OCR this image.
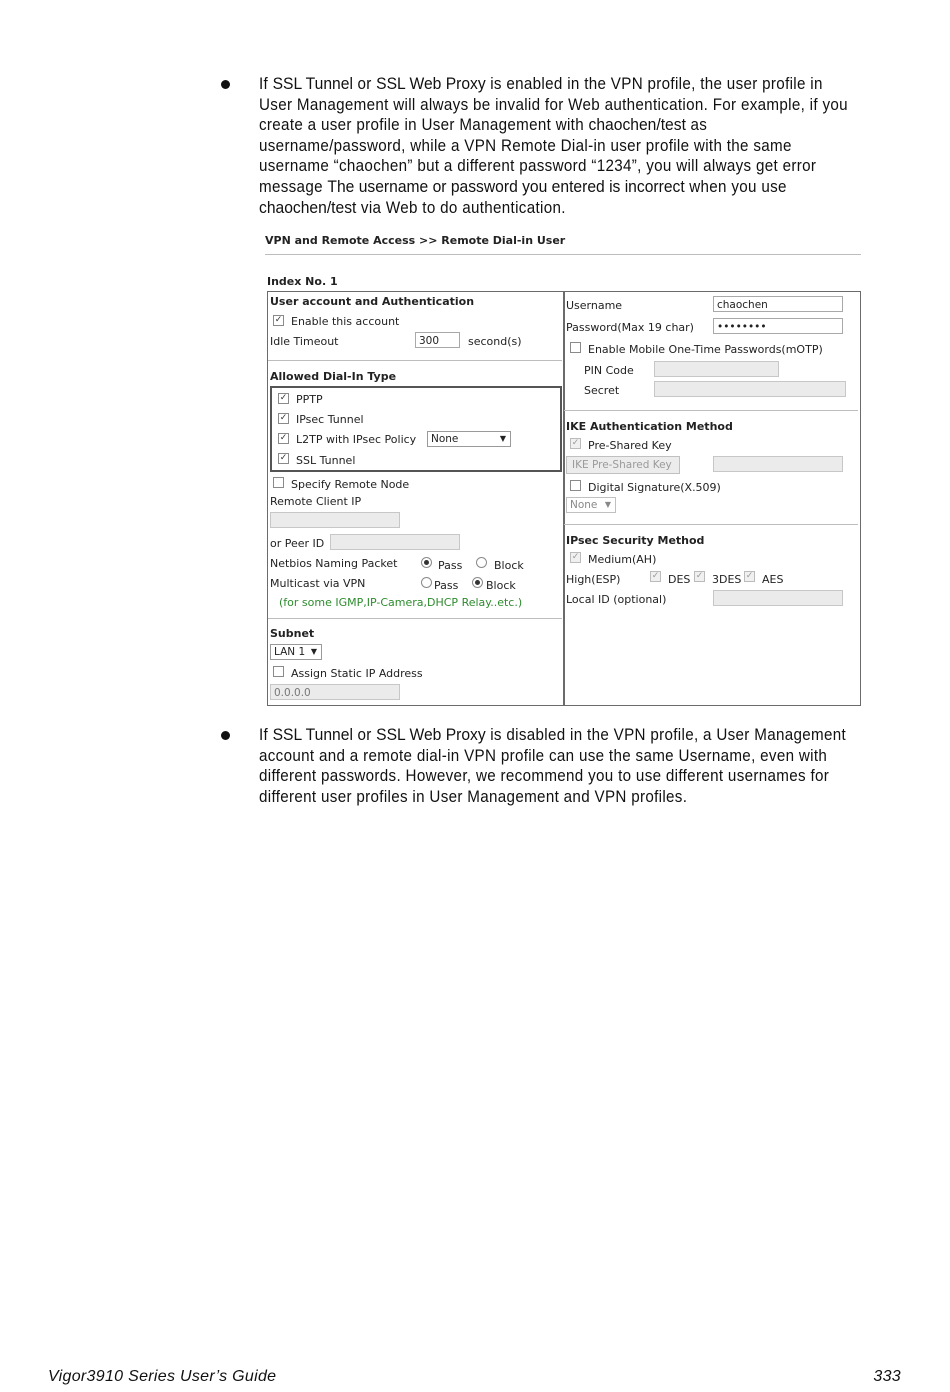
If SSL Tunnel or SSL Web Proxy is enabled in the VPN profile, the user profile in User Management will always be invalid for Web authentication. For example, if you create a user profile in User Management with chaochen/test as username/password, while a VPN Remote Dial-in user profile with the same username “chaochen” but a different password “1234”, you will always get error message The username or password you entered is incorrect when you use chaochen/test via Web to do authentication.
VPN and Remote Access >> Remote Dial-in User
Index No. 1
User account and Authentication
✓ Enable this account
Idle Timeout	300	second(s)
Allowed Dial-In Type
✓ PPTP
✓ IPsec Tunnel
✓ L2TP with IPsec Policy	None	▼
✓ SSL Tunnel
Specify Remote Node
Remote Client IP
or Peer ID
Netbios Naming Packet	Pass	Block
Multicast via VPN	Pass	Block
(for some IGMP,IP-Camera,DHCP Relay..etc.)
Subnet
LAN 1 ▼
Assign Static IP Address
0.0.0.0
Username	chaochen
Password(Max 19 char)	••••••••
Enable Mobile One-Time Passwords(mOTP)
PIN Code
Secret
IKE Authentication Method
✓ Pre-Shared Key
IKE Pre-Shared Key
Digital Signature(X.509)
None ▼
IPsec Security Method
✓ Medium(AH)
High(ESP)	✓ DES ✓ 3DES ✓ AES
Local ID (optional)
If SSL Tunnel or SSL Web Proxy is disabled in the VPN profile, a User Management account and a remote dial-in VPN profile can use the same Username, even with different passwords. However, we recommend you to use different usernames for different user profiles in User Management and VPN profiles.
Vigor3910 Series User’s Guide	333
